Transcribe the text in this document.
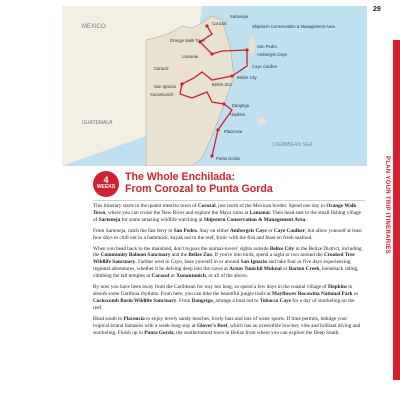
29
PLAN YOUR TRIP ITINERARIES
MEXICO
GUATEMALA
CARIBBEAN SEA
Corozal
Sarteneja
Orange Walk Town
Shipstern Conservation & Management Area
Lamanai
San Pedro
Ambergris Caye
Caye Caulker
Belize City
Caracol
San Ignacio
Xunantunich
Belize Zoo
Dangriga
Hopkins
Placencia
Punta Gorda
4
WEEKS
The Whole Enchilada:
From Corozal to Punta Gorda

This itinerary starts in the quaint mestizo town of Corozal, just north of the Mexican border. Spend one day in Orange Walk Town, where you can cruise the New River and explore the Maya ruins at Lamanai. Then head east to the small fishing village of Sarteneja for some amazing wildlife watching at Shipstern Conservation & Management Area.

From Sarteneja, catch the fast ferry to San Pedro. Stay on either Ambergris Caye or Caye Caulker, but allow yourself at least four days to chill out in a hammock, kayak out to the reef, frolic with the fish and feast on fresh seafood.

When you head back to the mainland, don't bypass the animal-lovers' sights outside Belize City in the Belize District, including the Community Baboon Sanctuary and the Belize Zoo. If you're into birds, spend a night or two around the Crooked Tree Wildlife Sanctuary. Farther west in Cayo, base yourself in or around San Ignacio and take four or five days experiencing regional adventures, whether it be delving deep into the caves at Actun Tunichil Muknal or Barton Creek, horseback riding, climbing the tall temples at Caracol or Xunantunich, or all of the above.

By now you have been away from the Caribbean for way too long, so spend a few days in the coastal village of Hopkins to absorb some Garifuna rhythms. From here, you can hike the beautiful jungle trails at Mayflower Bocawina National Park or Cockscomb Basin Wildlife Sanctuary. From Dangriga, arrange a boat out to Tobacco Caye for a day of snorkeling on the reef.

Head south to Placencia to enjoy lovely sandy beaches, lively bars and lots of water sports. If time permits, indulge your tropical-island fantasies with a week-long stay at Glover's Reef, which has an irresistible low-key vibe and brilliant diving and snorkeling. Finish up in Punta Gorda, the southernmost town in Belize from where you can explore the Deep South.
